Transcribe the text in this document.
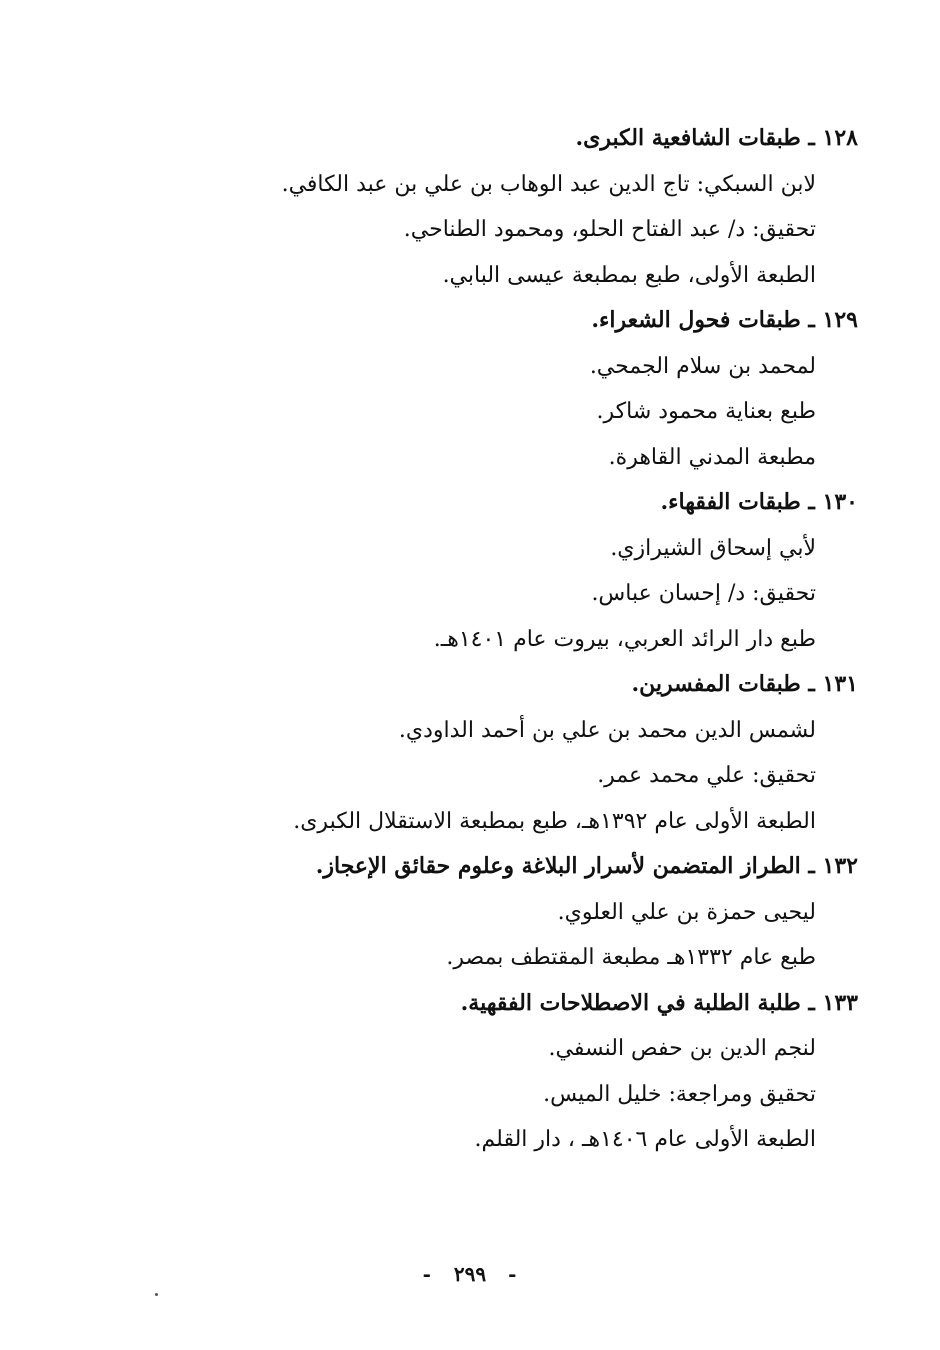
١٢٨ ـ طبقات الشافعية الكبرى.
لابن السبكي: تاج الدين عبد الوهاب بن علي بن عبد الكافي.
تحقيق: د/ عبد الفتاح الحلو، ومحمود الطناحي.
الطبعة الأولى، طبع بمطبعة عيسى البابي.
١٢٩ ـ طبقات فحول الشعراء.
لمحمد بن سلام الجمحي.
طبع بعناية محمود شاكر.
مطبعة المدني القاهرة.
١٣٠ ـ طبقات الفقهاء.
لأبي إسحاق الشيرازي.
تحقيق: د/ إحسان عباس.
طبع دار الرائد العربي، بيروت عام ١٤٠١هـ.
١٣١ ـ طبقات المفسرين.
لشمس الدين محمد بن علي بن أحمد الداودي.
تحقيق: علي محمد عمر.
الطبعة الأولى عام ١٣٩٢هـ، طبع بمطبعة الاستقلال الكبرى.
١٣٢ ـ الطراز المتضمن لأسرار البلاغة وعلوم حقائق الإعجاز.
ليحيى حمزة بن علي العلوي.
طبع عام ١٣٣٢هـ مطبعة المقتطف بمصر.
١٣٣ ـ طلبة الطلبة في الاصطلاحات الفقهية.
لنجم الدين بن حفص النسفي.
تحقيق ومراجعة: خليل الميس.
الطبعة الأولى عام ١٤٠٦هـ ، دار القلم.
-٢٩٩-
